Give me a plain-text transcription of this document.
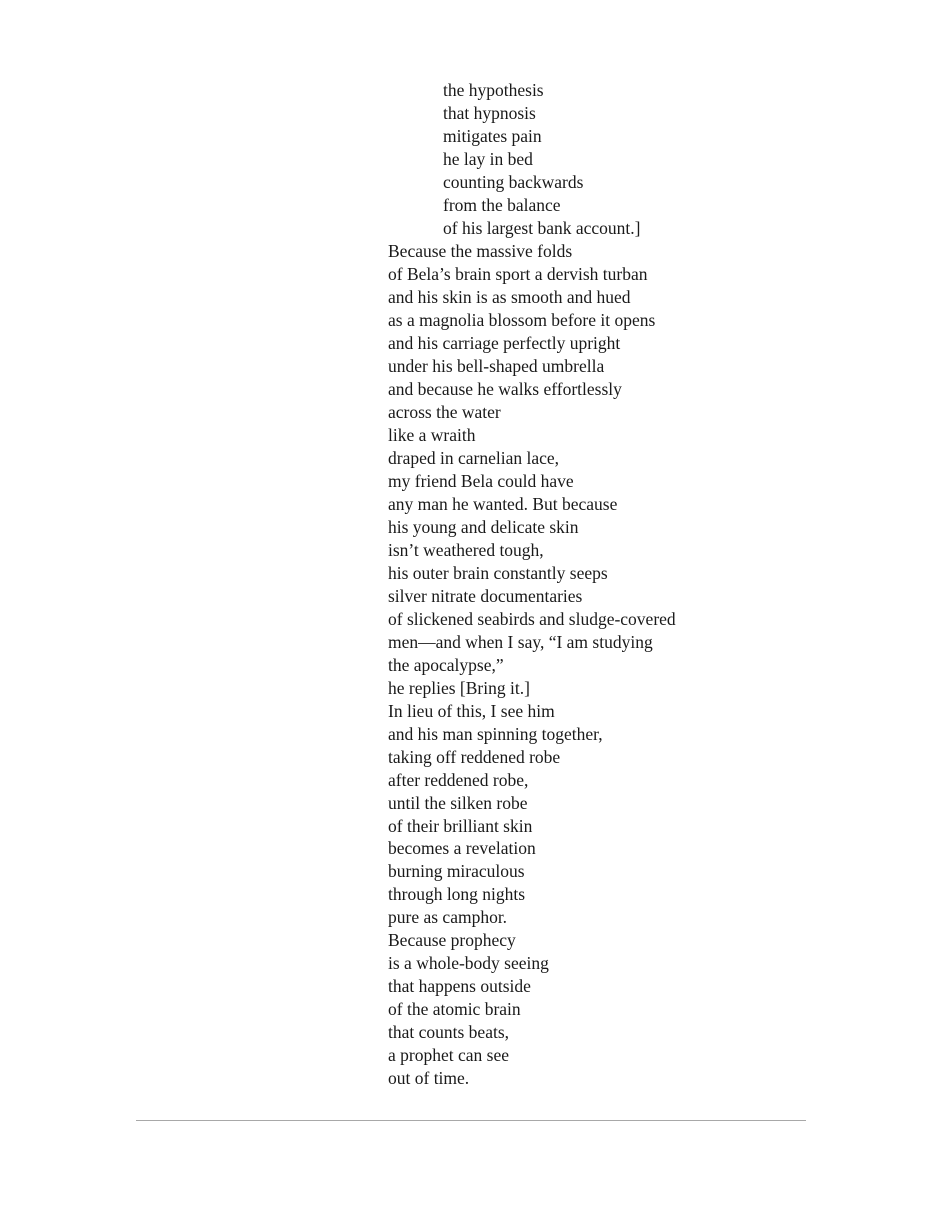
the hypothesis
that hypnosis
mitigates pain
he lay in bed
counting backwards
from the balance
of his largest bank account.]
Because the massive folds
of Bela’s brain sport a dervish turban
and his skin is as smooth and hued
as a magnolia blossom before it opens
and his carriage perfectly upright
under his bell-shaped umbrella
and because he walks effortlessly
across the water
like a wraith
draped in carnelian lace,
my friend Bela could have
any man he wanted. But because
his young and delicate skin
isn’t weathered tough,
his outer brain constantly seeps
silver nitrate documentaries
of slickened seabirds and sludge-covered
men—and when I say, “I am studying
the apocalypse,”
he replies [Bring it.]
In lieu of this, I see him
and his man spinning together,
taking off reddened robe
after reddened robe,
until the silken robe
of their brilliant skin
becomes a revelation
burning miraculous
through long nights
pure as camphor.
Because prophecy
is a whole-body seeing
that happens outside
of the atomic brain
that counts beats,
a prophet can see
out of time.
